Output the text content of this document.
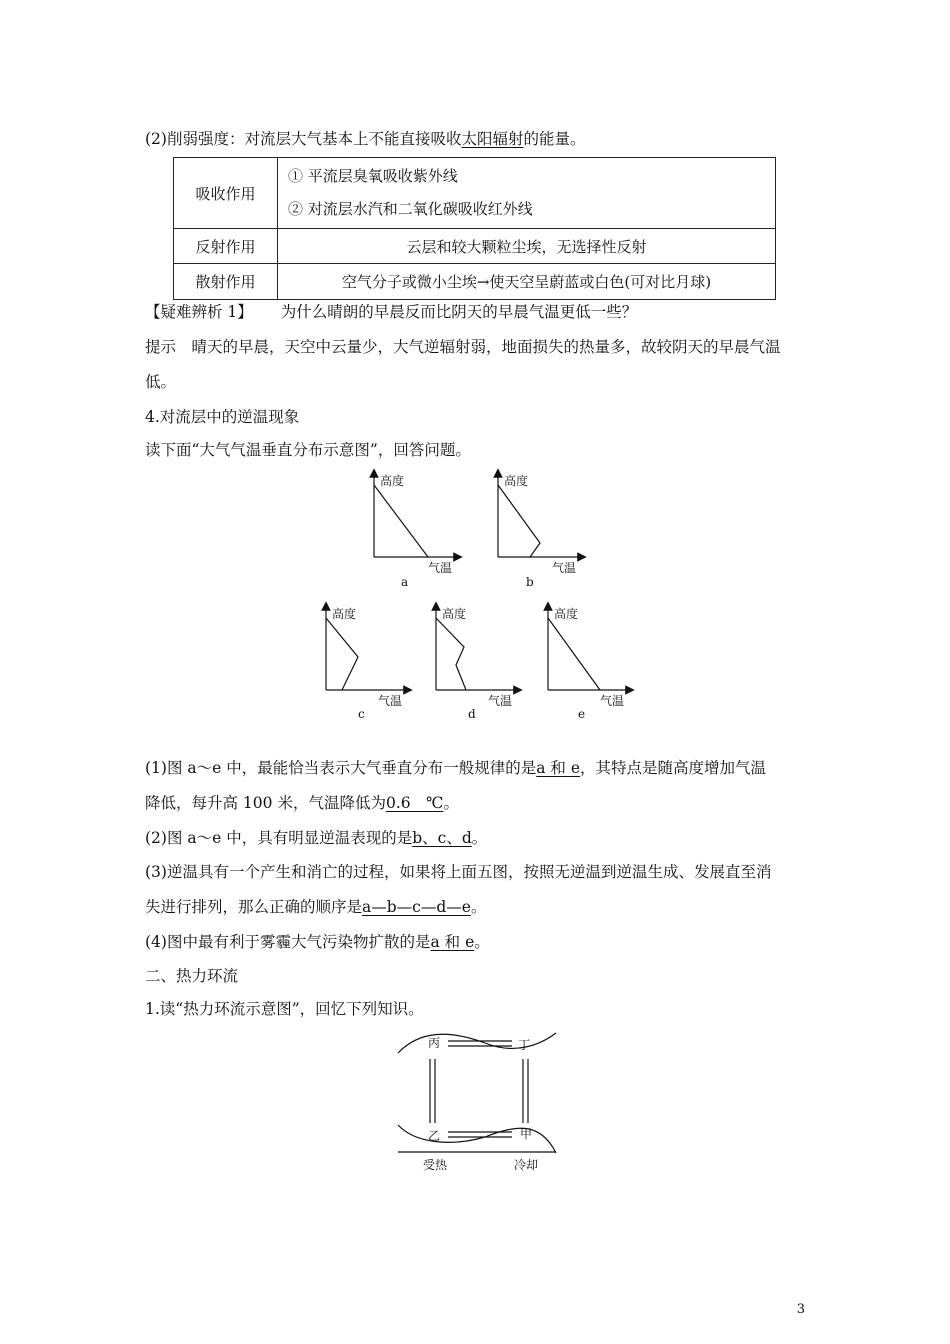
(2)削弱强度：对流层大气基本上不能直接吸收太阳辐射的能量。
吸收作用	① 平流层臭氧吸收紫外线
② 对流层水汽和二氧化碳吸收红外线

反射作用	云层和较大颗粒尘埃，无选择性反射
散射作用	空气分子或微小尘埃→使天空呈蔚蓝或白色(可对比月球)
【疑难辨析 1】 为什么晴朗的早晨反而比阴天的早晨气温更低一些？
提示　晴天的早晨，天空中云量少，大气逆辐射弱，地面损失的热量多，故较阴天的早晨气温
低。
4.对流层中的逆温现象
读下面“大气气温垂直分布示意图”，回答问题。
高度
气温
a
高度
气温
b
高度
气温
c
高度
气温
d
高度
气温
e
(1)图 a～e 中，最能恰当表示大气垂直分布一般规律的是a 和 e，其特点是随高度增加气温
降低，每升高 100 米，气温降低为0.6　℃。
(2)图 a～e 中，具有明显逆温表现的是b、c、d。
(3)逆温具有一个产生和消亡的过程，如果将上面五图，按照无逆温到逆温生成、发展直至消
失进行排列，那么正确的顺序是a—b—c—d—e。
(4)图中最有利于雾霾大气污染物扩散的是a 和 e。
二、热力环流
1.读“热力环流示意图”，回忆下列知识。
丙	丁
乙	甲
受热	冷却
3
